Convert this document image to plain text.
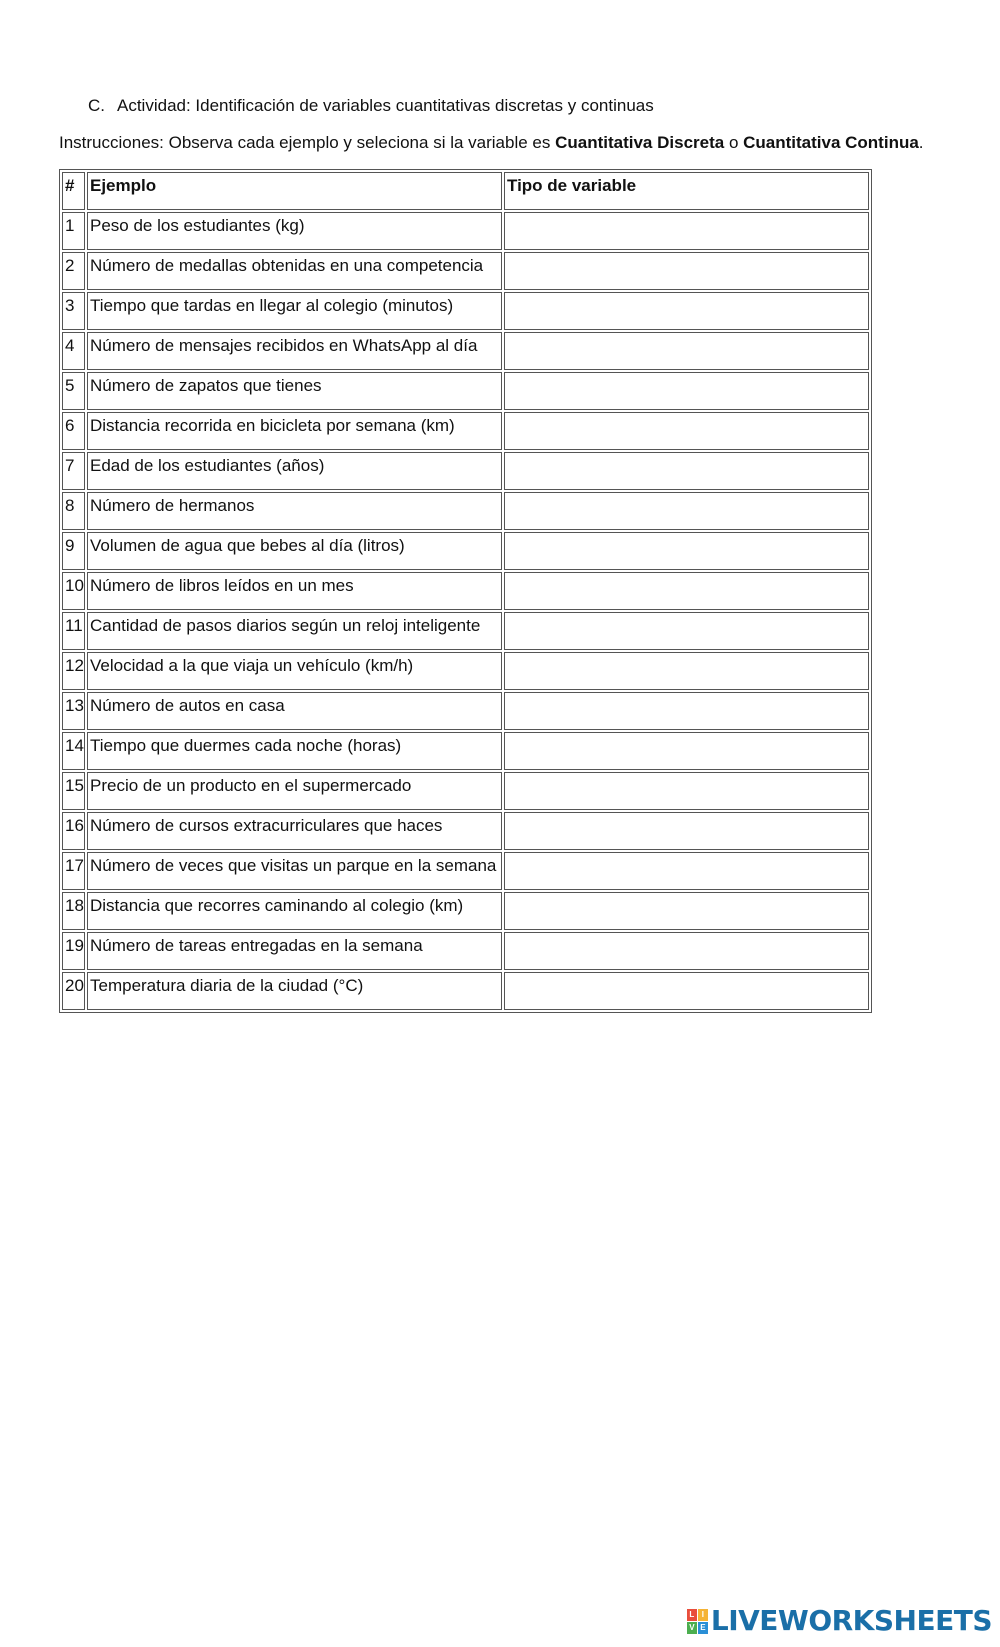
C. Actividad: Identificación de variables cuantitativas discretas y continuas
Instrucciones: Observa cada ejemplo y seleciona si la variable es Cuantitativa Discreta o Cuantitativa Continua.
#	Ejemplo	Tipo de variable
1	Peso de los estudiantes (kg)	
2	Número de medallas obtenidas en una competencia	
3	Tiempo que tardas en llegar al colegio (minutos)	
4	Número de mensajes recibidos en WhatsApp al día	
5	Número de zapatos que tienes	
6	Distancia recorrida en bicicleta por semana (km)	
7	Edad de los estudiantes (años)	
8	Número de hermanos	
9	Volumen de agua que bebes al día (litros)	
10	Número de libros leídos en un mes	
11	Cantidad de pasos diarios según un reloj inteligente	
12	Velocidad a la que viaja un vehículo (km/h)	
13	Número de autos en casa	
14	Tiempo que duermes cada noche (horas)	
15	Precio de un producto en el supermercado	
16	Número de cursos extracurriculares que haces	
17	Número de veces que visitas un parque en la semana	
18	Distancia que recorres caminando al colegio (km)	
19	Número de tareas entregadas en la semana	
20	Temperatura diaria de la ciudad (°C)	
L I
V E LIVEWORKSHEETS
